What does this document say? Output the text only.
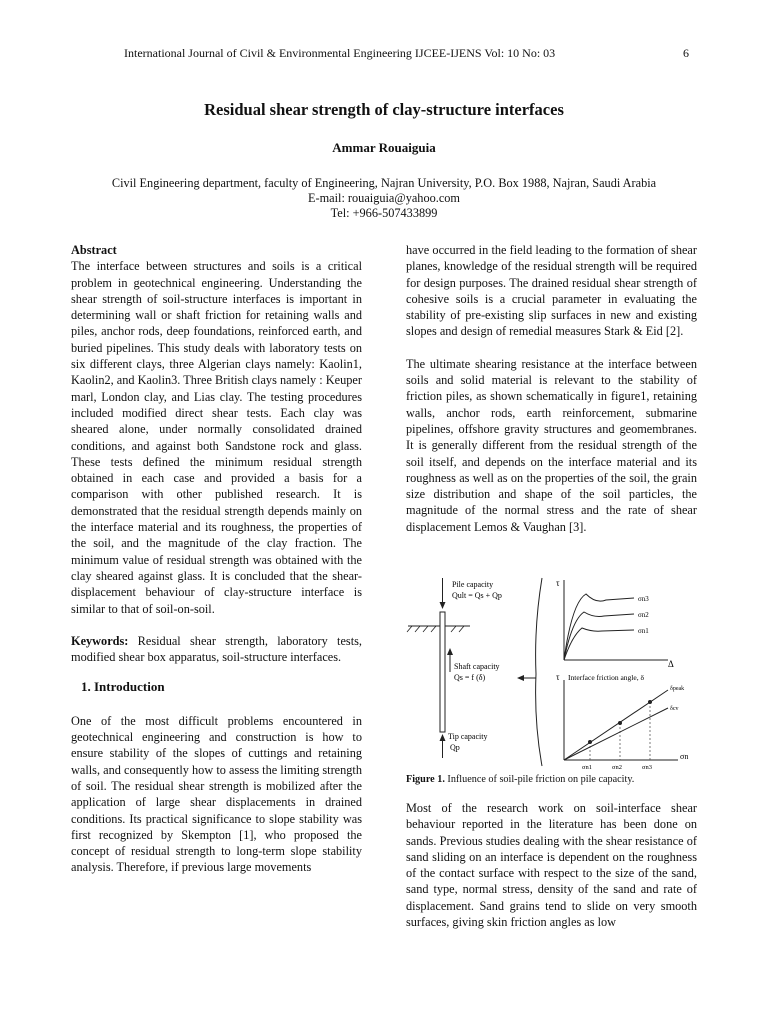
International Journal of Civil & Environmental Engineering IJCEE-IJENS Vol: 10 No: 03	6
Residual shear strength of clay-structure interfaces
Ammar Rouaiguia
Civil Engineering department, faculty of Engineering, Najran University, P.O. Box 1988, Najran, Saudi Arabia
E-mail: rouaiguia@yahoo.com
Tel: +966-507433899

Abstract

The interface between structures and soils is a critical problem in geotechnical engineering. Understanding the shear strength of soil-structure interfaces is important in determining wall or shaft friction for retaining walls and piles, anchor rods, deep foundations, reinforced earth, and buried pipelines. This study deals with laboratory tests on six different clays, three Algerian clays namely: Kaolin1, Kaolin2, and Kaolin3. Three British clays namely : Keuper marl, London clay, and Lias clay. The testing procedures included modified direct shear tests. Each clay was sheared alone, under normally consolidated drained conditions, and against both Sandstone rock and glass. These tests defined the minimum residual strength obtained in each case and provided a basis for a comparison with other published research. It is demonstrated that the residual strength depends mainly on the interface material and its roughness, the properties of the soil, and the magnitude of the clay fraction. The minimum value of residual strength was obtained with the clay sheared against glass. It is concluded that the shear-displacement behaviour of clay-structure interface is similar to that of soil-on-soil.

Keywords: Residual shear strength, laboratory tests, modified shear box apparatus, soil-structure interfaces.

1. Introduction

One of the most difficult problems encountered in geotechnical engineering and construction is how to ensure stability of the slopes of cuttings and retaining walls, and consequently how to assess the limiting strength of soil. The residual shear strength is mobilized after the application of large shear displacements in drained conditions. Its practical significance to slope stability was first recognized by Skempton [1], who proposed the concept of residual strength to long-term slope stability analysis. Therefore, if previous large movements

have occurred in the field leading to the formation of shear planes, knowledge of the residual strength will be required for design purposes. The drained residual shear strength of cohesive soils is a crucial parameter in evaluating the stability of pre-existing slip surfaces in new and existing slopes and design of remedial measures Stark & Eid [2].

The ultimate shearing resistance at the interface between soils and solid material is relevant to the stability of friction piles, as shown schematically in figure1, retaining walls, anchor rods, earth reinforcement, submarine pipelines, offshore gravity structures and geomembranes. It is generally different from the residual strength of the soil itself, and depends on the interface material and its roughness as well as on the properties of the soil, the grain size distribution and shape of the soil particles, the magnitude of the normal stress and the rate of shear displacement Lemos & Vaughan [3].

Pile capacity
Qult = Qs + Qp
Shaft capacity
Qs = f (δ)
Tip capacity
Qp
τ
Δ
σn3
σn2
σn1
τ Interface friction angle, δ
σn
σn1	σn2	σn3
δpeak
δcv
Figure 1. Influence of soil-pile friction on pile capacity.

Most of the research work on soil-interface shear behaviour reported in the literature has been done on sands. Previous studies dealing with the shear resistance of sand sliding on an interface is dependent on the roughness of the contact surface with respect to the size of the sand, sand type, normal stress, density of the sand and rate of displacement. Sand grains tend to slide on very smooth surfaces, giving skin friction angles as low
